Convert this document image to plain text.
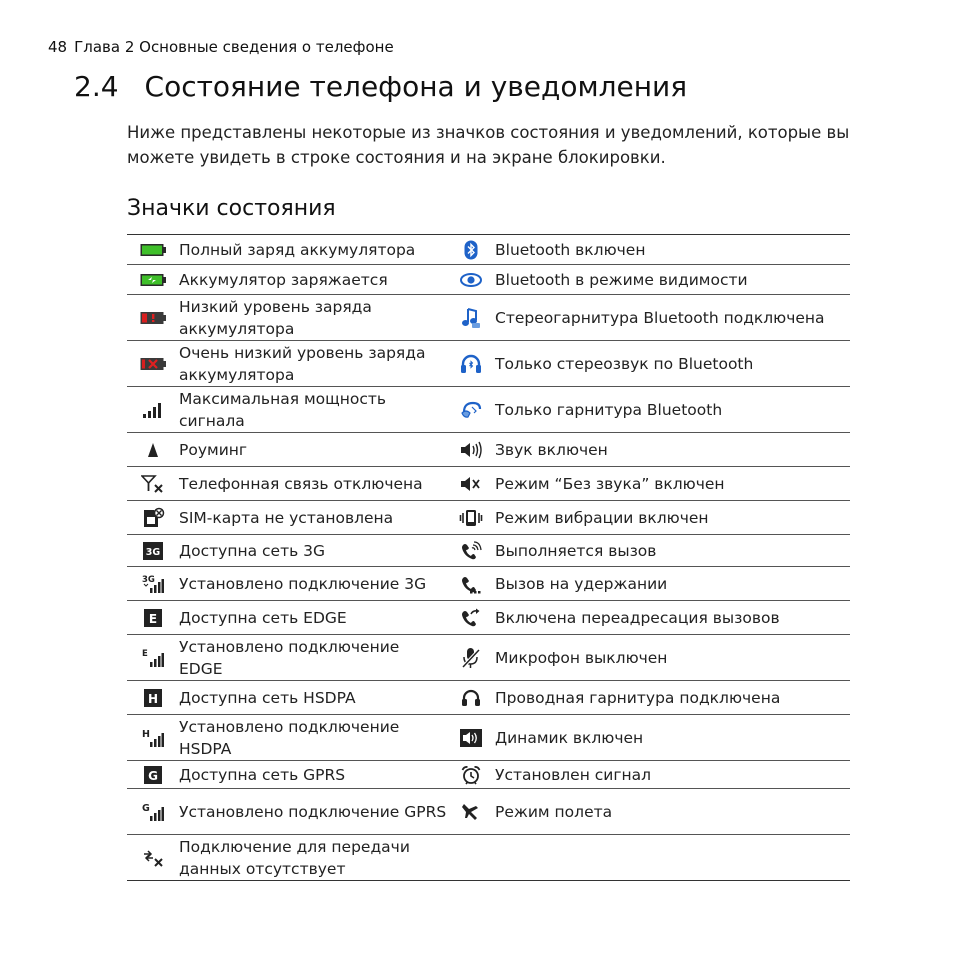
48 Глава 2 Основные сведения о телефоне
2.4 Состояние телефона и уведомления

Ниже представлены некоторые из значков состояния и уведомлений, которые вы можете увидеть в строке состояния и на экране блокировки.

Значки состояния
	Полный заряд аккумулятора		Bluetooth включен

	Аккумулятор заряжается		Bluetooth в режиме видимости

	Низкий уровень заряда аккумулятора		Стереогарнитура Bluetooth подключена

	Очень низкий уровень заряда аккумулятора		Только стереозвук по Bluetooth

	Максимальная мощность сигнала		Только гарнитура Bluetooth

	Роуминг		Звук включен

	Телефонная связь отключена		Режим “Без звука” включен

	SIM-карта не установлена		Режим вибрации включен

3G	Доступна сеть 3G		Выполняется вызов

3G	Установлено подключение 3G		Вызов на удержании

E	Доступна сеть EDGE		Включена переадресация вызовов

E	Установлено подключение EDGE		Микрофон выключен

H	Доступна сеть HSDPA		Проводная гарнитура подключена

H	Установлено подключение HSDPA		Динамик включен

G	Доступна сеть GPRS		Установлен сигнал

G	Установлено подключение GPRS		Режим полета

	Подключение для передачи данных отсутствует		
